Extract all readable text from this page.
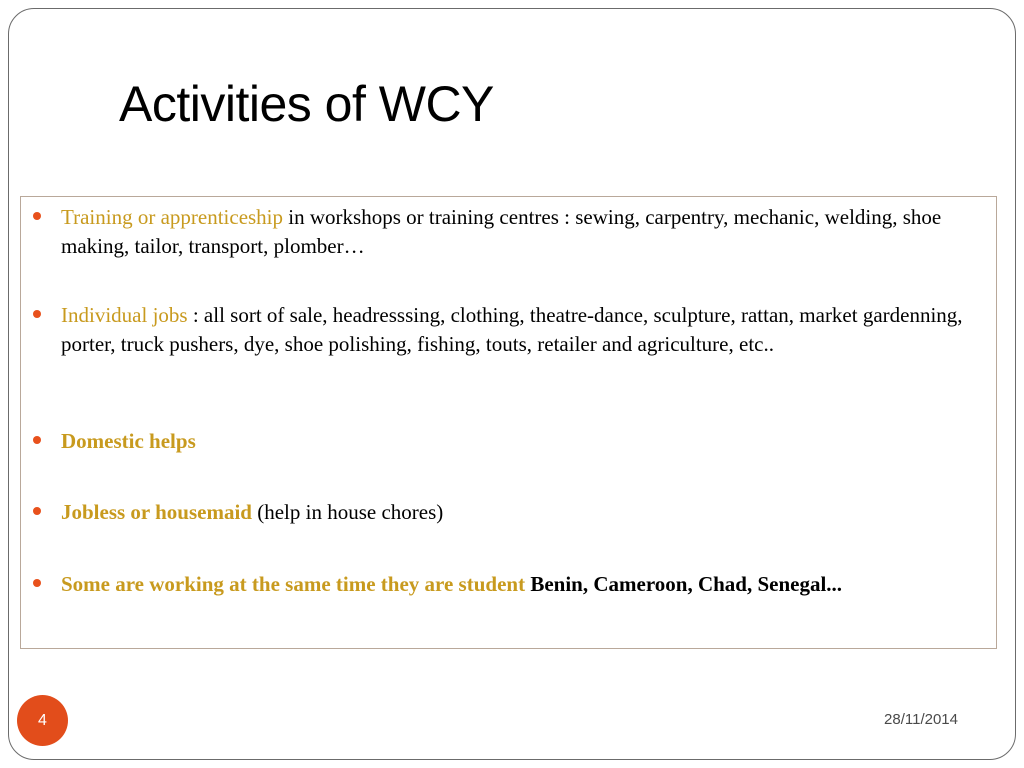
Activities of WCY
Training or apprenticeship in workshops or training centres : sewing, carpentry, mechanic, welding, shoe making, tailor, transport, plomber…
Individual jobs : all sort of sale, headresssing, clothing, theatre-dance, sculpture, rattan, market gardenning, porter, truck pushers, dye, shoe polishing, fishing, touts, retailer and agriculture, etc..
Domestic helps
Jobless or housemaid (help in house chores)
Some are working at the same time they are student Benin, Cameroon, Chad, Senegal...
4	28/11/2014
